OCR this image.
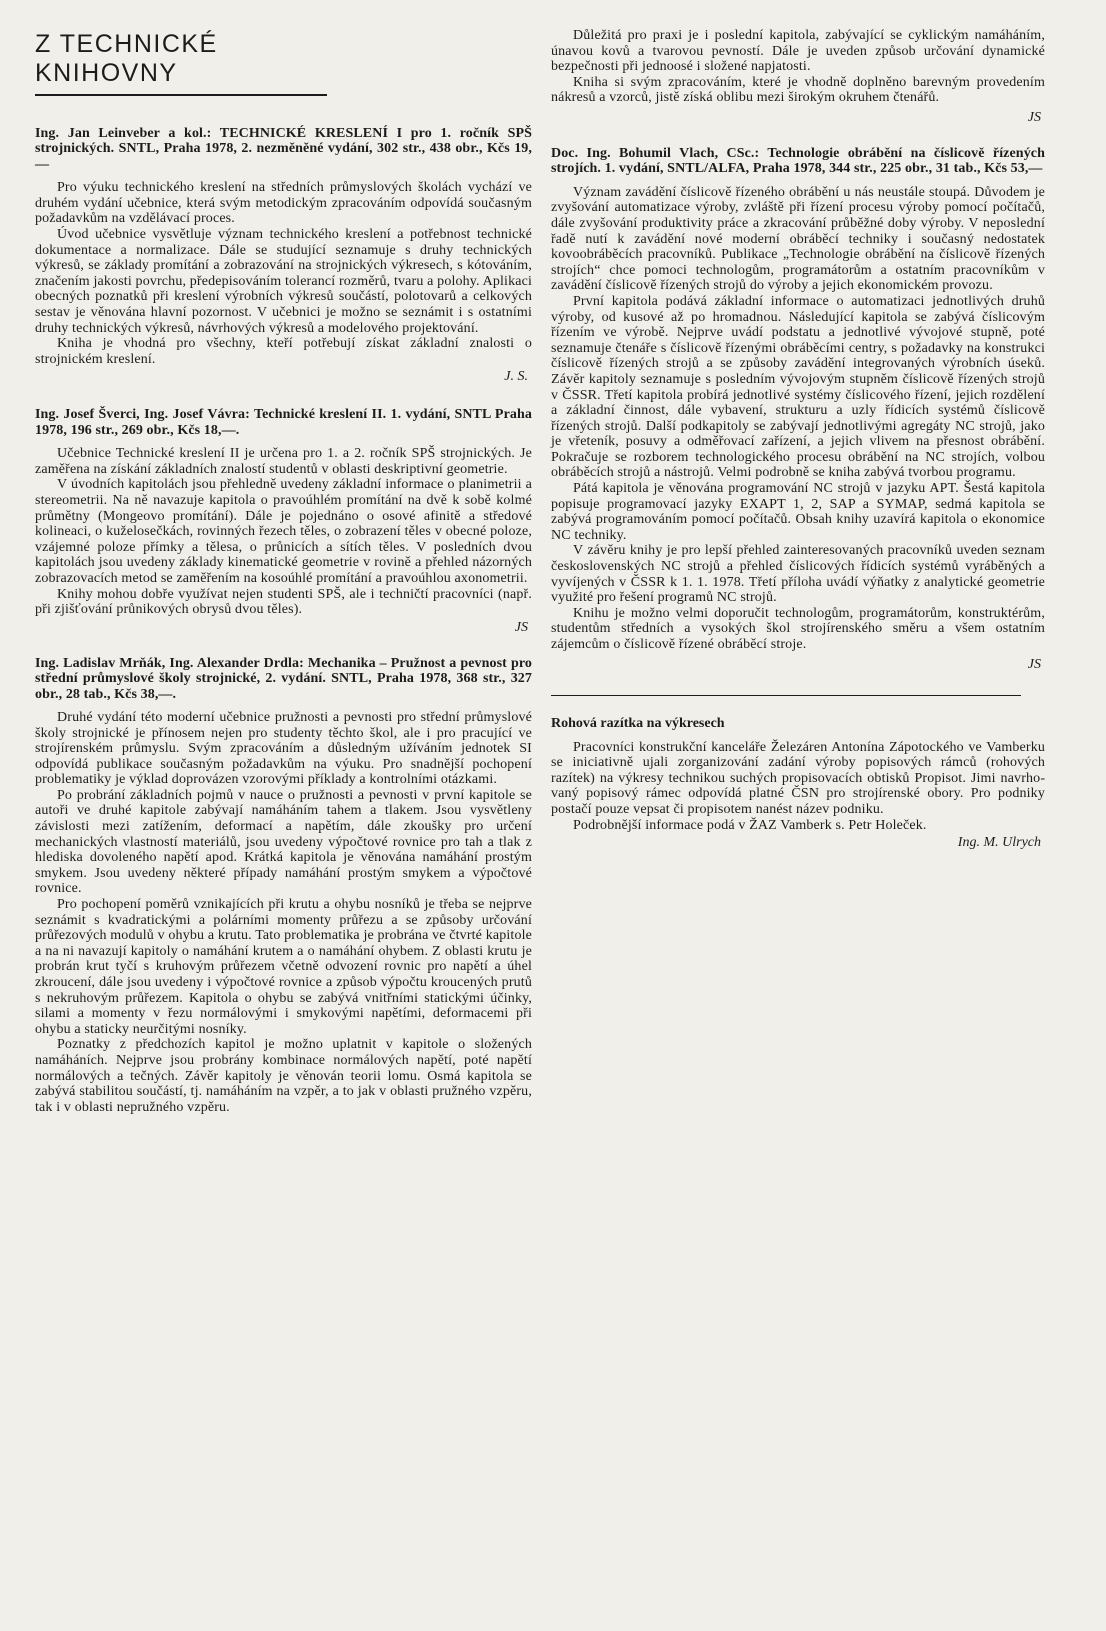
Z TECHNICKÉ KNIHOVNY

Ing. Jan Leinveber a kol.: TECHNICKÉ KRESLENÍ I pro 1. ročník SPŠ strojnických. SNTL, Praha 1978, 2. nezměněné vydání, 302 str., 438 obr., Kčs 19,—

Pro výuku technického kreslení na středních průmyslových školách vychází ve druhém vydání učebnice, která svým metodickým zpracováním odpovídá současným požadavkům na vzdělávací proces.

Úvod učebnice vysvětluje význam technického kreslení a potřebnost technické dokumentace a normalizace. Dále se studující seznamuje s druhy technických výkresů, se základy promítání a zobrazování na strojnických výkresech, s kótováním, značením jakosti povrchu, předepisováním tolerancí rozměrů, tvaru a polohy. Aplikaci obecných poznatků při kreslení výrobních výkresů součástí, polotovarů a celkových sestav je věnována hlavní pozornost. V učebnici je možno se seznámit i s ostatními druhy technických výkresů, návrhových výkresů a modelového projektování.

Kniha je vhodná pro všechny, kteří potřebují získat základní znalosti o strojnickém kreslení.

J. S.

Ing. Josef Šverci, Ing. Josef Vávra: Technické kreslení II. 1. vydání, SNTL Praha 1978, 196 str., 269 obr., Kčs 18,—.

Učebnice Technické kreslení II je určena pro 1. a 2. ročník SPŠ strojnických. Je zaměřena na získání základních znalostí studentů v oblasti deskriptivní geometrie.

V úvodních kapitolách jsou přehledně uvedeny základní informace o planimetrii a stereometrii. Na ně navazuje kapitola o pravoúhlém promítání na dvě k sobě kolmé průmětny (Mongeovo promítání). Dále je pojednáno o osové afinitě a středové kolineaci, o kuželosečkách, rovinných řezech těles, o zobrazení těles v obecné poloze, vzájemné poloze přímky a tělesa, o průnicích a sítích těles. V posledních dvou kapitolách jsou uvedeny základy kinematické geometrie v rovině a přehled názorných zobrazovacích metod se zaměřením na kosoúhlé promítání a pravoúhlou axonometrii.

Knihy mohou dobře využívat nejen studenti SPŠ, ale i techničtí pracovníci (např. při zjišťování průnikových obrysů dvou těles).

JS

Ing. Ladislav Mrňák, Ing. Alexander Drdla: Mechanika – Pružnost a pevnost pro střední průmyslové školy strojnické, 2. vydání. SNTL, Praha 1978, 368 str., 327 obr., 28 tab., Kčs 38,—.

Druhé vydání této moderní učebnice pružnosti a pevnosti pro střední průmyslové školy strojnické je přínosem nejen pro studenty těchto škol, ale i pro pracující ve strojírenském průmyslu. Svým zpracováním a důsledným užíváním jednotek SI odpovídá publikace současným požadavkům na výuku. Pro snadnější pochopení problematiky je výklad doprovázen vzorovými příklady a kontrolními otázkami.

Po probrání základních pojmů v nauce o pružnosti a pevnosti v první kapitole se autoři ve druhé kapitole zabývají namáháním tahem a tlakem. Jsou vysvětleny závislosti mezi zatížením, deformací a napětím, dále zkoušky pro určení mechanických vlastností materiálů, jsou uvedeny výpočtové rovnice pro tah a tlak z hlediska dovoleného napětí apod. Krátká kapitola je věnována namáhání prostým smykem. Jsou uvedeny některé případy namáhání prostým smykem a výpočtové rovnice.

Pro pochopení poměrů vznikajících při krutu a ohybu nosníků je třeba se nejprve seznámit s kvadratickými a polárními momenty průřezu a se způsoby určování průřezových modulů v ohybu a krutu. Tato problematika je probrána ve čtvrté kapitole a na ni navazují kapitoly o namáhání krutem a o namáhání ohybem. Z oblasti krutu je probrán krut tyčí s kruhovým průřezem včetně odvození rovnic pro napětí a úhel zkroucení, dále jsou uvedeny i výpočtové rovnice a způsob výpočtu kroucených prutů s nekruhovým průřezem. Kapitola o ohybu se zabývá vnitřními statickými účinky, silami a momenty v řezu normálovými i smykovými napětími, deformacemi při ohybu a staticky neurčitými nosníky.

Poznatky z předchozích kapitol je možno uplatnit v kapitole o složených namáháních. Nejprve jsou probrány kombinace normálových napětí, poté napětí normálových a tečných. Závěr kapitoly je věnován teorii lomu. Osmá kapitola se zabývá stabilitou součástí, tj. namáháním na vzpěr, a to jak v oblasti pružného vzpěru, tak i v oblasti nepružného vzpěru.

Důležitá pro praxi je i poslední kapitola, zabývající se cyklickým namáháním, únavou kovů a tvarovou pevností. Dále je uveden způsob určování dynamické bezpečnosti při jednoosé i složené napjatosti.

Kniha si svým zpracováním, které je vhodně doplněno barevným provedením nákresů a vzorců, jistě získá oblibu mezi širokým okruhem čtenářů.

JS

Doc. Ing. Bohumil Vlach, CSc.: Technologie obrábění na číslicově řízených strojích. 1. vydání, SNTL/ALFA, Praha 1978, 344 str., 225 obr., 31 tab., Kčs 53,—

Význam zavádění číslicově řízeného obrábění u nás neustále stoupá. Důvodem je zvyšování automatizace výroby, zvláště při řízení procesu výroby pomocí počítačů, dále zvyšování produktivity práce a zkracování průběžné doby výroby. V neposlední řadě nutí k zavádění nové moderní obráběcí techniky i současný nedostatek kovoobráběcích pracovníků. Publikace „Technologie obrábění na číslicově řízených strojích“ chce pomoci technologům, programátorům a ostatním pracovníkům v zavádění číslicově řízených strojů do výroby a jejich ekonomickém provozu.

První kapitola podává základní informace o automatizaci jednotlivých druhů výroby, od kusové až po hromadnou. Následující kapitola se zabývá číslicovým řízením ve výrobě. Nejprve uvádí podstatu a jednotlivé vývojové stupně, poté seznamuje čtenáře s číslicově řízenými obráběcími centry, s požadavky na konstrukci číslicově řízených strojů a se způsoby zavádění integrovaných výrobních úseků. Závěr kapitoly seznamuje s posledním vývojovým stupněm číslicově řízených strojů v ČSSR. Třetí kapitola probírá jednotlivé systémy číslicového řízení, jejich rozdělení a základní činnost, dále vybavení, strukturu a uzly řídicích systémů číslicově řízených strojů. Další podkapitoly se zabývají jednotlivými agregáty NC strojů, jako je vřeteník, posuvy a odměřovací zařízení, a jejich vlivem na přesnost obrábění. Pokračuje se rozborem technologického procesu obrábění na NC strojích, volbou obráběcích strojů a nástrojů. Velmi podrobně se kniha zabývá tvorbou programu.

Pátá kapitola je věnována programování NC strojů v jazyku APT. Šestá kapitola popisuje programovací jazyky EXAPT 1, 2, SAP a SYMAP, sedmá kapitola se zabývá programováním pomocí počítačů. Obsah knihy uzavírá kapitola o ekonomice NC techniky.

V závěru knihy je pro lepší přehled zainteresovaných pracovníků uveden seznam československých NC strojů a přehled číslicových řídicích systémů vyráběných a vyvíjených v ČSSR k 1. 1. 1978. Třetí příloha uvádí výňatky z analytické geometrie využité pro řešení programů NC strojů.

Knihu je možno velmi doporučit technologům, programátorům, konstruktérům, studentům středních a vysokých škol strojírenského směru a všem ostatním zájemcům o číslicově řízené obráběcí stroje.

JS

Rohová razítka na výkresech

Pracovníci konstrukční kanceláře Železáren Antonína Zápotockého ve Vamberku se iniciativně ujali zorganizování zadání výroby popisových rámců (rohových razítek) na výkresy technikou suchých propisovacích obtisků Propisot. Jimi navrhovaný popisový rámec odpovídá platné ČSN pro strojírenské obory. Pro podniky postačí pouze vepsat či propisotem nanést název podniku.

Podrobnější informace podá v ŽAZ Vamberk s. Petr Holeček.

Ing. M. Ulrych
